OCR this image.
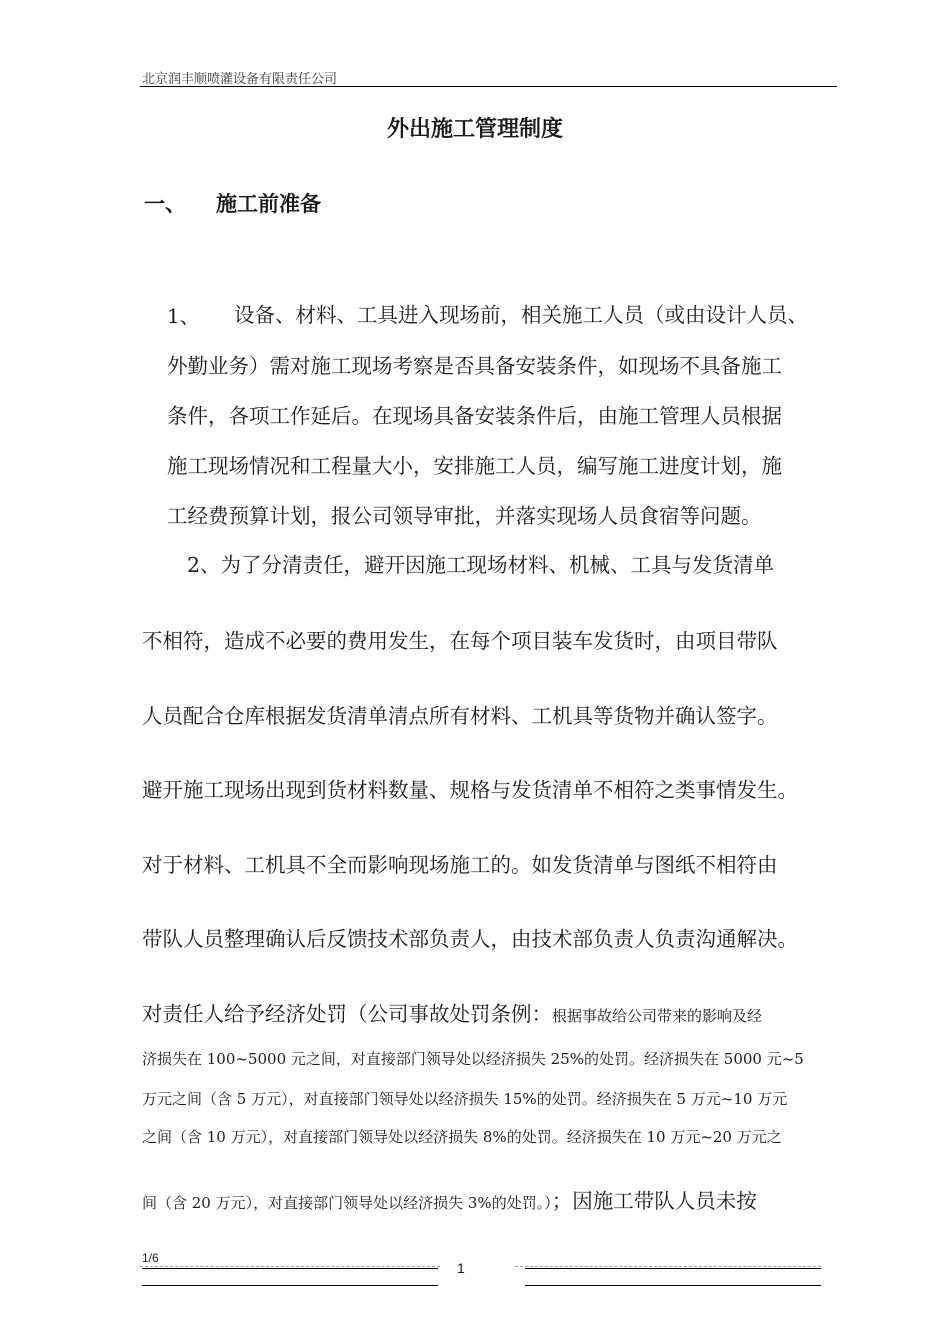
北京润丰顺喷灌设备有限责任公司
外出施工管理制度
一、 施工前准备
1、 设备、材料、工具进入现场前，相关施工人员（或由设计人员、
外勤业务）需对施工现场考察是否具备安装条件，如现场不具备施工
条件，各项工作延后。在现场具备安装条件后，由施工管理人员根据
施工现场情况和工程量大小，安排施工人员，编写施工进度计划，施
工经费预算计划，报公司领导审批，并落实现场人员食宿等问题。
2、为了分清责任，避开因施工现场材料、机械、工具与发货清单
不相符，造成不必要的费用发生，在每个项目装车发货时，由项目带队
人员配合仓库根据发货清单清点所有材料、工机具等货物并确认签字。
避开施工现场出现到货材料数量、规格与发货清单不相符之类事情发生。
对于材料、工机具不全而影响现场施工的。如发货清单与图纸不相符由
带队人员整理确认后反馈技术部负责人，由技术部负责人负责沟通解决。
对责任人给予经济处罚（公司事故处罚条例：根据事故给公司带来的影响及经
济损失在 100~5000 元之间，对直接部门领导处以经济损失 25%的处罚。经济损失在 5000 元~5
万元之间（含 5 万元），对直接部门领导处以经济损失 15%的处罚。经济损失在 5 万元~10 万元
之间（含 10 万元），对直接部门领导处以经济损失 8%的处罚。经济损失在 10 万元~20 万元之
间（含 20 万元），对直接部门领导处以经济损失 3%的处罚。）；因施工带队人员未按
1/6
1
